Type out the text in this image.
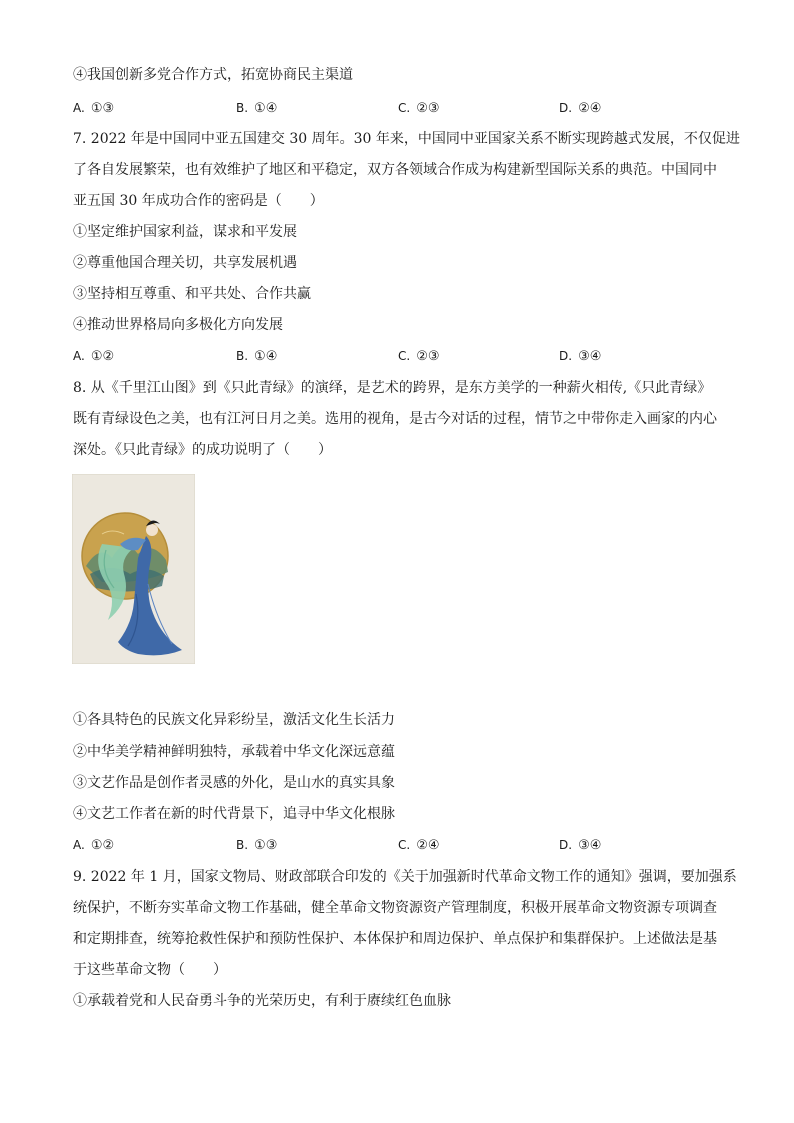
④我国创新多党合作方式，拓宽协商民主渠道
A. ①③	B. ①④	C. ②③	D. ②④
7. 2022 年是中国同中亚五国建交 30 周年。30 年来，中国同中亚国家关系不断实现跨越式发展，不仅促进
了各自发展繁荣，也有效维护了地区和平稳定，双方各领域合作成为构建新型国际关系的典范。中国同中
亚五国 30 年成功合作的密码是（　　）
①坚定维护国家利益，谋求和平发展
②尊重他国合理关切，共享发展机遇
③坚持相互尊重、和平共处、合作共赢
④推动世界格局向多极化方向发展
A. ①②	B. ①④	C. ②③	D. ③④
8. 从《千里江山图》到《只此青绿》的演绎，是艺术的跨界，是东方美学的一种薪火相传,《只此青绿》
既有青绿设色之美，也有江河日月之美。选用的视角，是古今对话的过程，情节之中带你走入画家的内心
深处。《只此青绿》的成功说明了（　　）
①各具特色的民族文化异彩纷呈，激活文化生长活力
②中华美学精神鲜明独特，承载着中华文化深远意蕴
③文艺作品是创作者灵感的外化，是山水的真实具象
④文艺工作者在新的时代背景下，追寻中华文化根脉
A. ①②	B. ①③	C. ②④	D. ③④
9. 2022 年 1 月，国家文物局、财政部联合印发的《关于加强新时代革命文物工作的通知》强调，要加强系
统保护，不断夯实革命文物工作基础，健全革命文物资源资产管理制度，积极开展革命文物资源专项调查
和定期排查，统筹抢救性保护和预防性保护、本体保护和周边保护、单点保护和集群保护。上述做法是基
于这些革命文物（　　）
①承载着党和人民奋勇斗争的光荣历史，有利于赓续红色血脉
